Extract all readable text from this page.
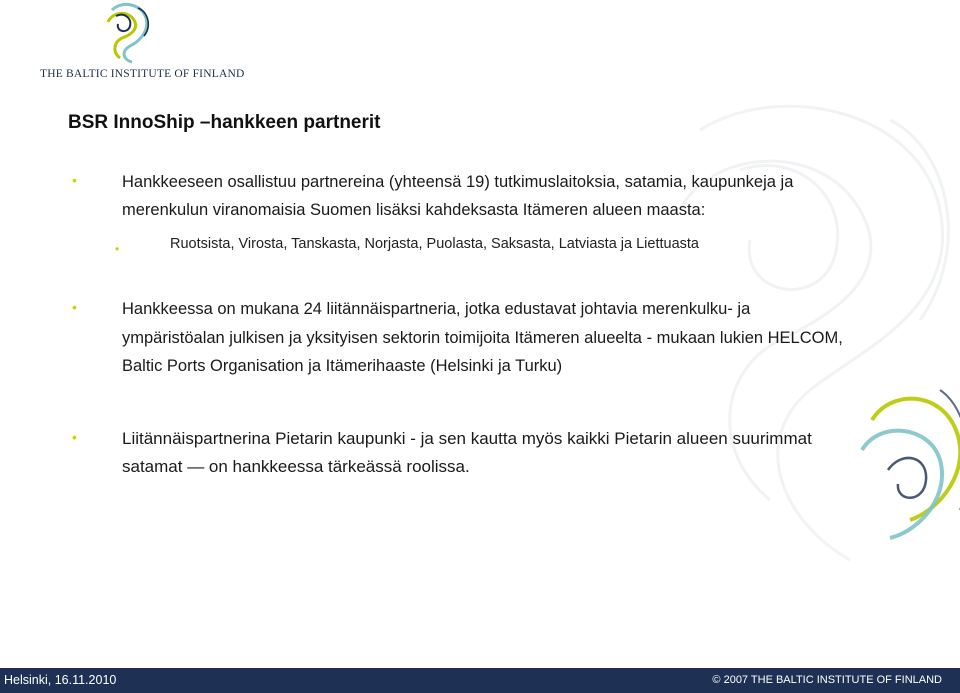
THE BALTIC INSTITUTE OF FINLAND
BSR InnoShip –hankkeen partnerit
•	Hankkeeseen osallistuu partnereina (yhteensä 19) tutkimuslaitoksia, satamia, kaupunkeja ja merenkulun viranomaisia Suomen lisäksi kahdeksasta Itämeren alueen maasta:
•	Ruotsista, Virosta, Tanskasta, Norjasta, Puolasta, Saksasta, Latviasta ja Liettuasta
•	Hankkeessa on mukana 24 liitännäispartneria, jotka edustavat johtavia merenkulku- ja ympäristöalan julkisen ja yksityisen sektorin toimijoita Itämeren alueelta - mukaan lukien HELCOM, Baltic Ports Organisation ja Itämerihaaste (Helsinki ja Turku)
•	Liitännäispartnerina Pietarin kaupunki - ja sen kautta myös kaikki Pietarin alueen suurimmat satamat — on hankkeessa tärkeässä roolissa.
Helsinki, 16.11.2010	© 2007 THE BALTIC INSTITUTE OF FINLAND
